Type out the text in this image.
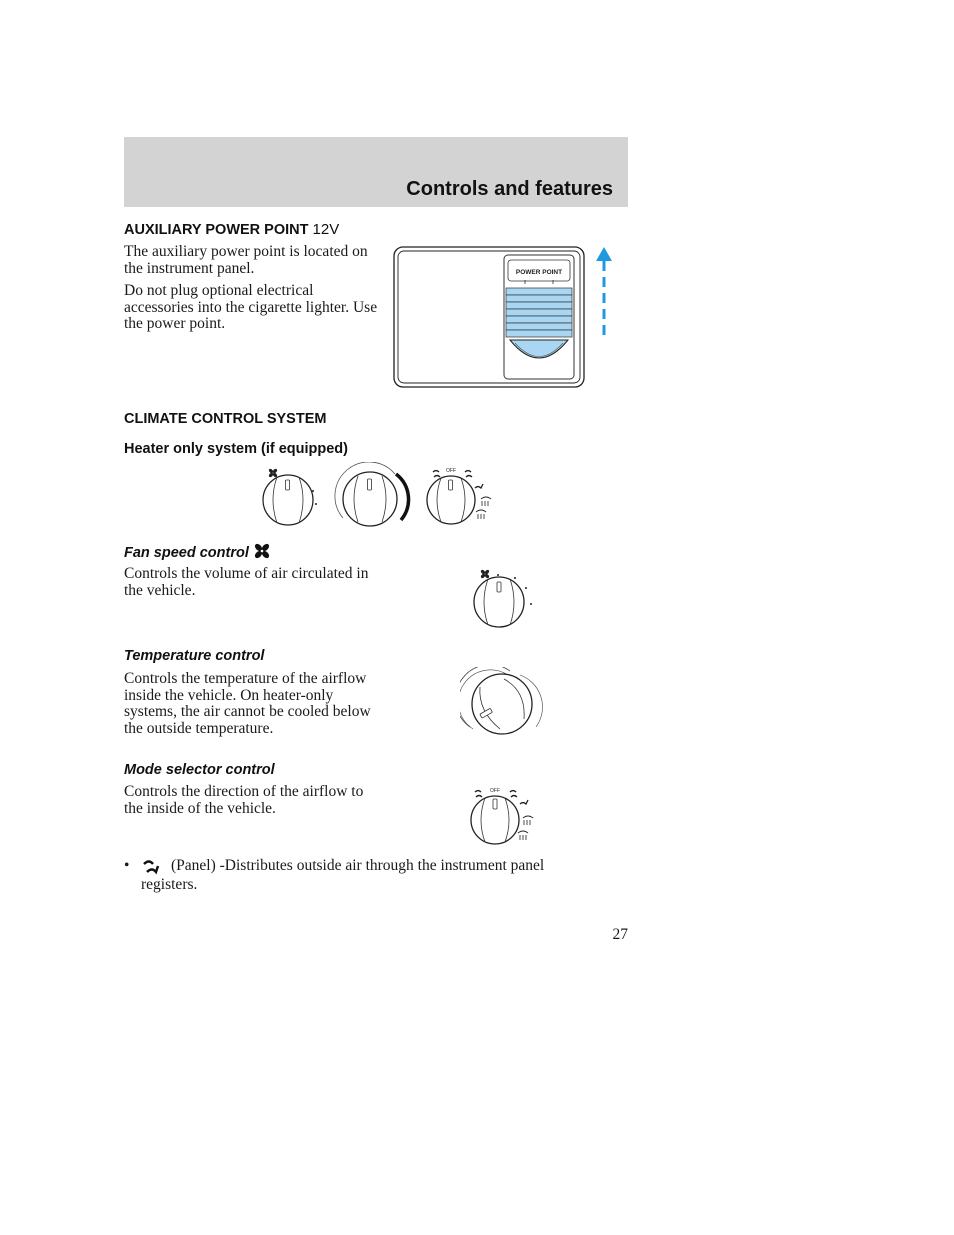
Controls and features
AUXILIARY POWER POINT 12V

The auxiliary power point is located on the instrument panel.

Do not plug optional electrical accessories into the cigarette lighter. Use the power point.

POWER POINT
CLIMATE CONTROL SYSTEM
Heater only system (if equipped)
OFF
Fan speed control
Controls the volume of air circulated in the vehicle.
Temperature control
Controls the temperature of the airflow inside the vehicle. On heater-only systems, the air cannot be cooled below the outside temperature.
Mode selector control
Controls the direction of the airflow to the inside of the vehicle.
OFF
•	(Panel) -Distributes outside air through the instrument panel
registers.
27
